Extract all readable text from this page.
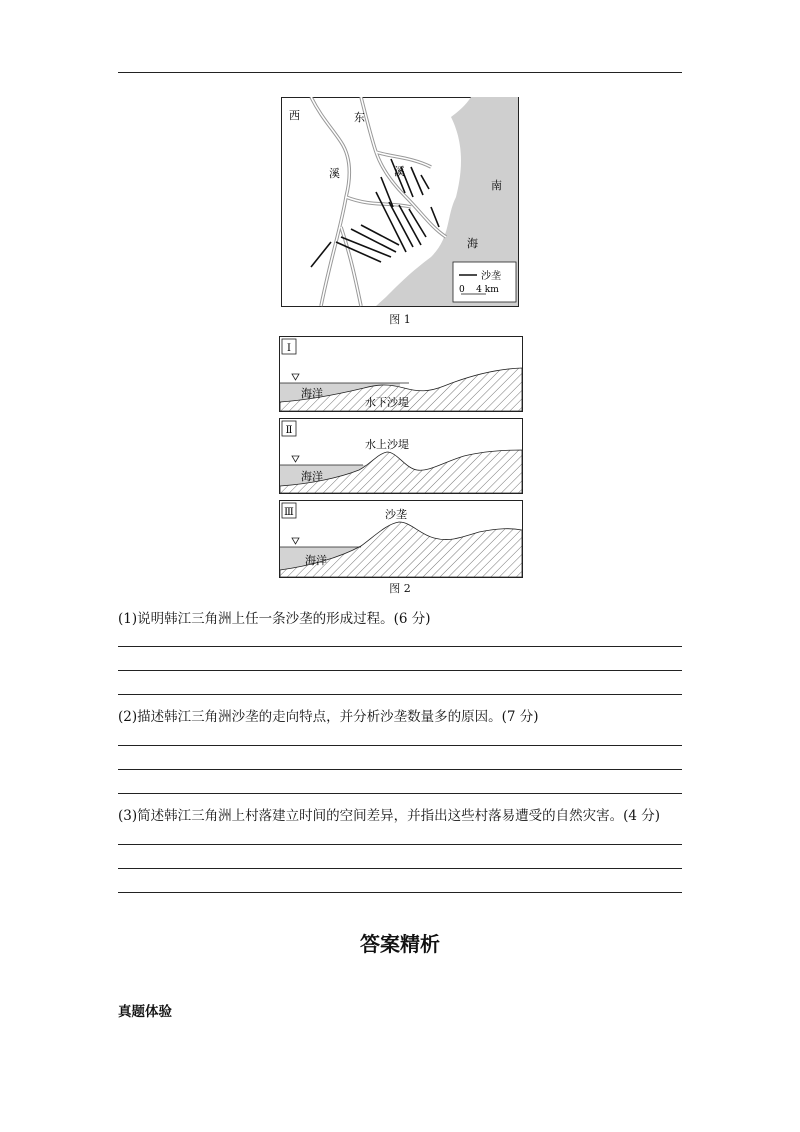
西	东
溪	溪
南
海
沙垄
0    4 km
图 1
Ⅰ
海洋
水下沙堤
Ⅱ
海洋
水上沙堤
Ⅲ
海洋
沙垄
图 2
(1)说明韩江三角洲上任一条沙垄的形成过程。(6 分)
(2)描述韩江三角洲沙垄的走向特点，并分析沙垄数量多的原因。(7 分)
(3)简述韩江三角洲上村落建立时间的空间差异，并指出这些村落易遭受的自然灾害。(4 分)
答案精析
真题体验
